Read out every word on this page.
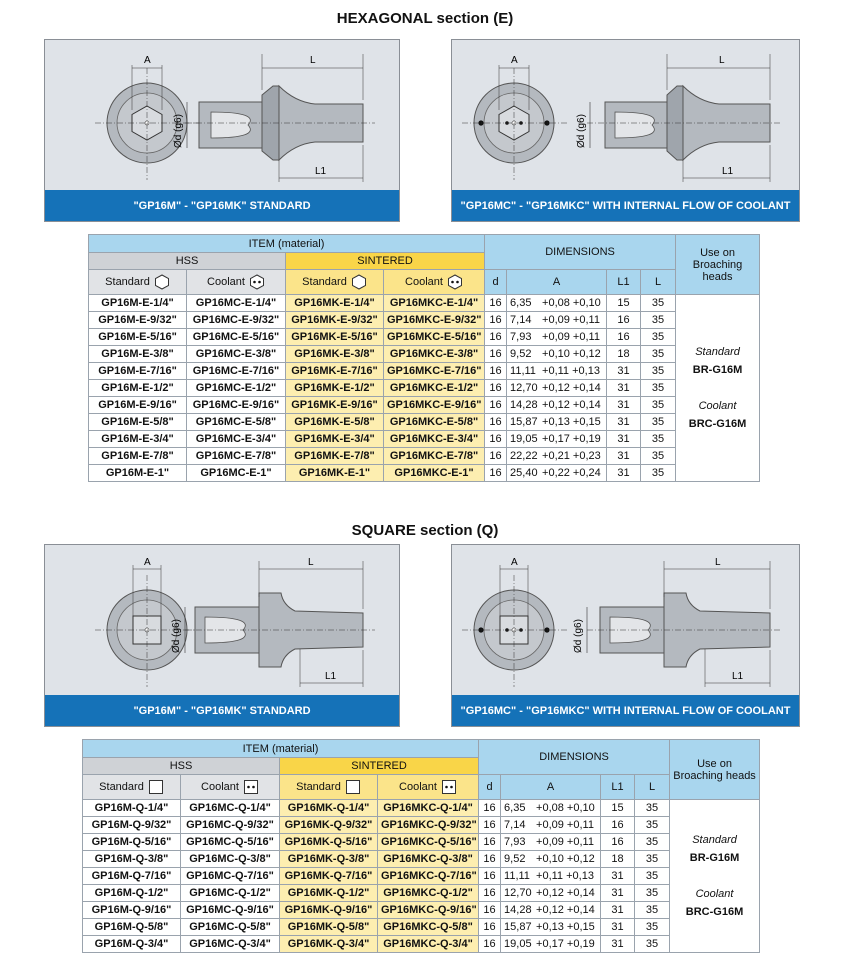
HEXAGONAL section (E)
A	L
L1
Ød (g6)
"GP16M" - "GP16MK" STANDARD
A	L
L1
Ød (g6)
"GP16MC" - "GP16MKC" WITH INTERNAL FLOW OF COOLANT
ITEM (material)				DIMENSIONS				Use on Broaching heads
HSS		SINTERED						
Standard	Coolant	Standard	Coolant	d	A	L1	L	
GP16M-E-1/4"	GP16MC-E-1/4"	GP16MK-E-1/4"	GP16MKC-E-1/4"	16	6,35 +0,08 +0,10	15	35	Standard
BR-G16M
Coolant
BRC-G16M

GP16M-E-9/32"	GP16MC-E-9/32"	GP16MK-E-9/32"	GP16MKC-E-9/32"	16	7,14 +0,09 +0,11	16	35	
GP16M-E-5/16"	GP16MC-E-5/16"	GP16MK-E-5/16"	GP16MKC-E-5/16"	16	7,93 +0,09 +0,11	16	35	
GP16M-E-3/8"	GP16MC-E-3/8"	GP16MK-E-3/8"	GP16MKC-E-3/8"	16	9,52 +0,10 +0,12	18	35	
GP16M-E-7/16"	GP16MC-E-7/16"	GP16MK-E-7/16"	GP16MKC-E-7/16"	16	11,11 +0,11 +0,13	31	35	
GP16M-E-1/2"	GP16MC-E-1/2"	GP16MK-E-1/2"	GP16MKC-E-1/2"	16	12,70 +0,12 +0,14	31	35	
GP16M-E-9/16"	GP16MC-E-9/16"	GP16MK-E-9/16"	GP16MKC-E-9/16"	16	14,28 +0,12 +0,14	31	35	
GP16M-E-5/8"	GP16MC-E-5/8"	GP16MK-E-5/8"	GP16MKC-E-5/8"	16	15,87 +0,13 +0,15	31	35	
GP16M-E-3/4"	GP16MC-E-3/4"	GP16MK-E-3/4"	GP16MKC-E-3/4"	16	19,05 +0,17 +0,19	31	35	
GP16M-E-7/8"	GP16MC-E-7/8"	GP16MK-E-7/8"	GP16MKC-E-7/8"	16	22,22 +0,21 +0,23	31	35	
GP16M-E-1"	GP16MC-E-1"	GP16MK-E-1"	GP16MKC-E-1"	16	25,40 +0,22 +0,24	31	35	
SQUARE section (Q)
A	L
L1
Ød (g6)
"GP16M" - "GP16MK" STANDARD
A	L
L1
Ød (g6)
"GP16MC" - "GP16MKC" WITH INTERNAL FLOW OF COOLANT
ITEM (material)				DIMENSIONS				Use on Broaching heads
HSS		SINTERED						
Standard	Coolant	Standard	Coolant	d	A	L1	L	
GP16M-Q-1/4"	GP16MC-Q-1/4"	GP16MK-Q-1/4"	GP16MKC-Q-1/4"	16	6,35 +0,08 +0,10	15	35	Standard
BR-G16M
Coolant
BRC-G16M

GP16M-Q-9/32"	GP16MC-Q-9/32"	GP16MK-Q-9/32"	GP16MKC-Q-9/32"	16	7,14 +0,09 +0,11	16	35	
GP16M-Q-5/16"	GP16MC-Q-5/16"	GP16MK-Q-5/16"	GP16MKC-Q-5/16"	16	7,93 +0,09 +0,11	16	35	
GP16M-Q-3/8"	GP16MC-Q-3/8"	GP16MK-Q-3/8"	GP16MKC-Q-3/8"	16	9,52 +0,10 +0,12	18	35	
GP16M-Q-7/16"	GP16MC-Q-7/16"	GP16MK-Q-7/16"	GP16MKC-Q-7/16"	16	11,11 +0,11 +0,13	31	35	
GP16M-Q-1/2"	GP16MC-Q-1/2"	GP16MK-Q-1/2"	GP16MKC-Q-1/2"	16	12,70 +0,12 +0,14	31	35	
GP16M-Q-9/16"	GP16MC-Q-9/16"	GP16MK-Q-9/16"	GP16MKC-Q-9/16"	16	14,28 +0,12 +0,14	31	35	
GP16M-Q-5/8"	GP16MC-Q-5/8"	GP16MK-Q-5/8"	GP16MKC-Q-5/8"	16	15,87 +0,13 +0,15	31	35	
GP16M-Q-3/4"	GP16MC-Q-3/4"	GP16MK-Q-3/4"	GP16MKC-Q-3/4"	16	19,05 +0,17 +0,19	31	35	
